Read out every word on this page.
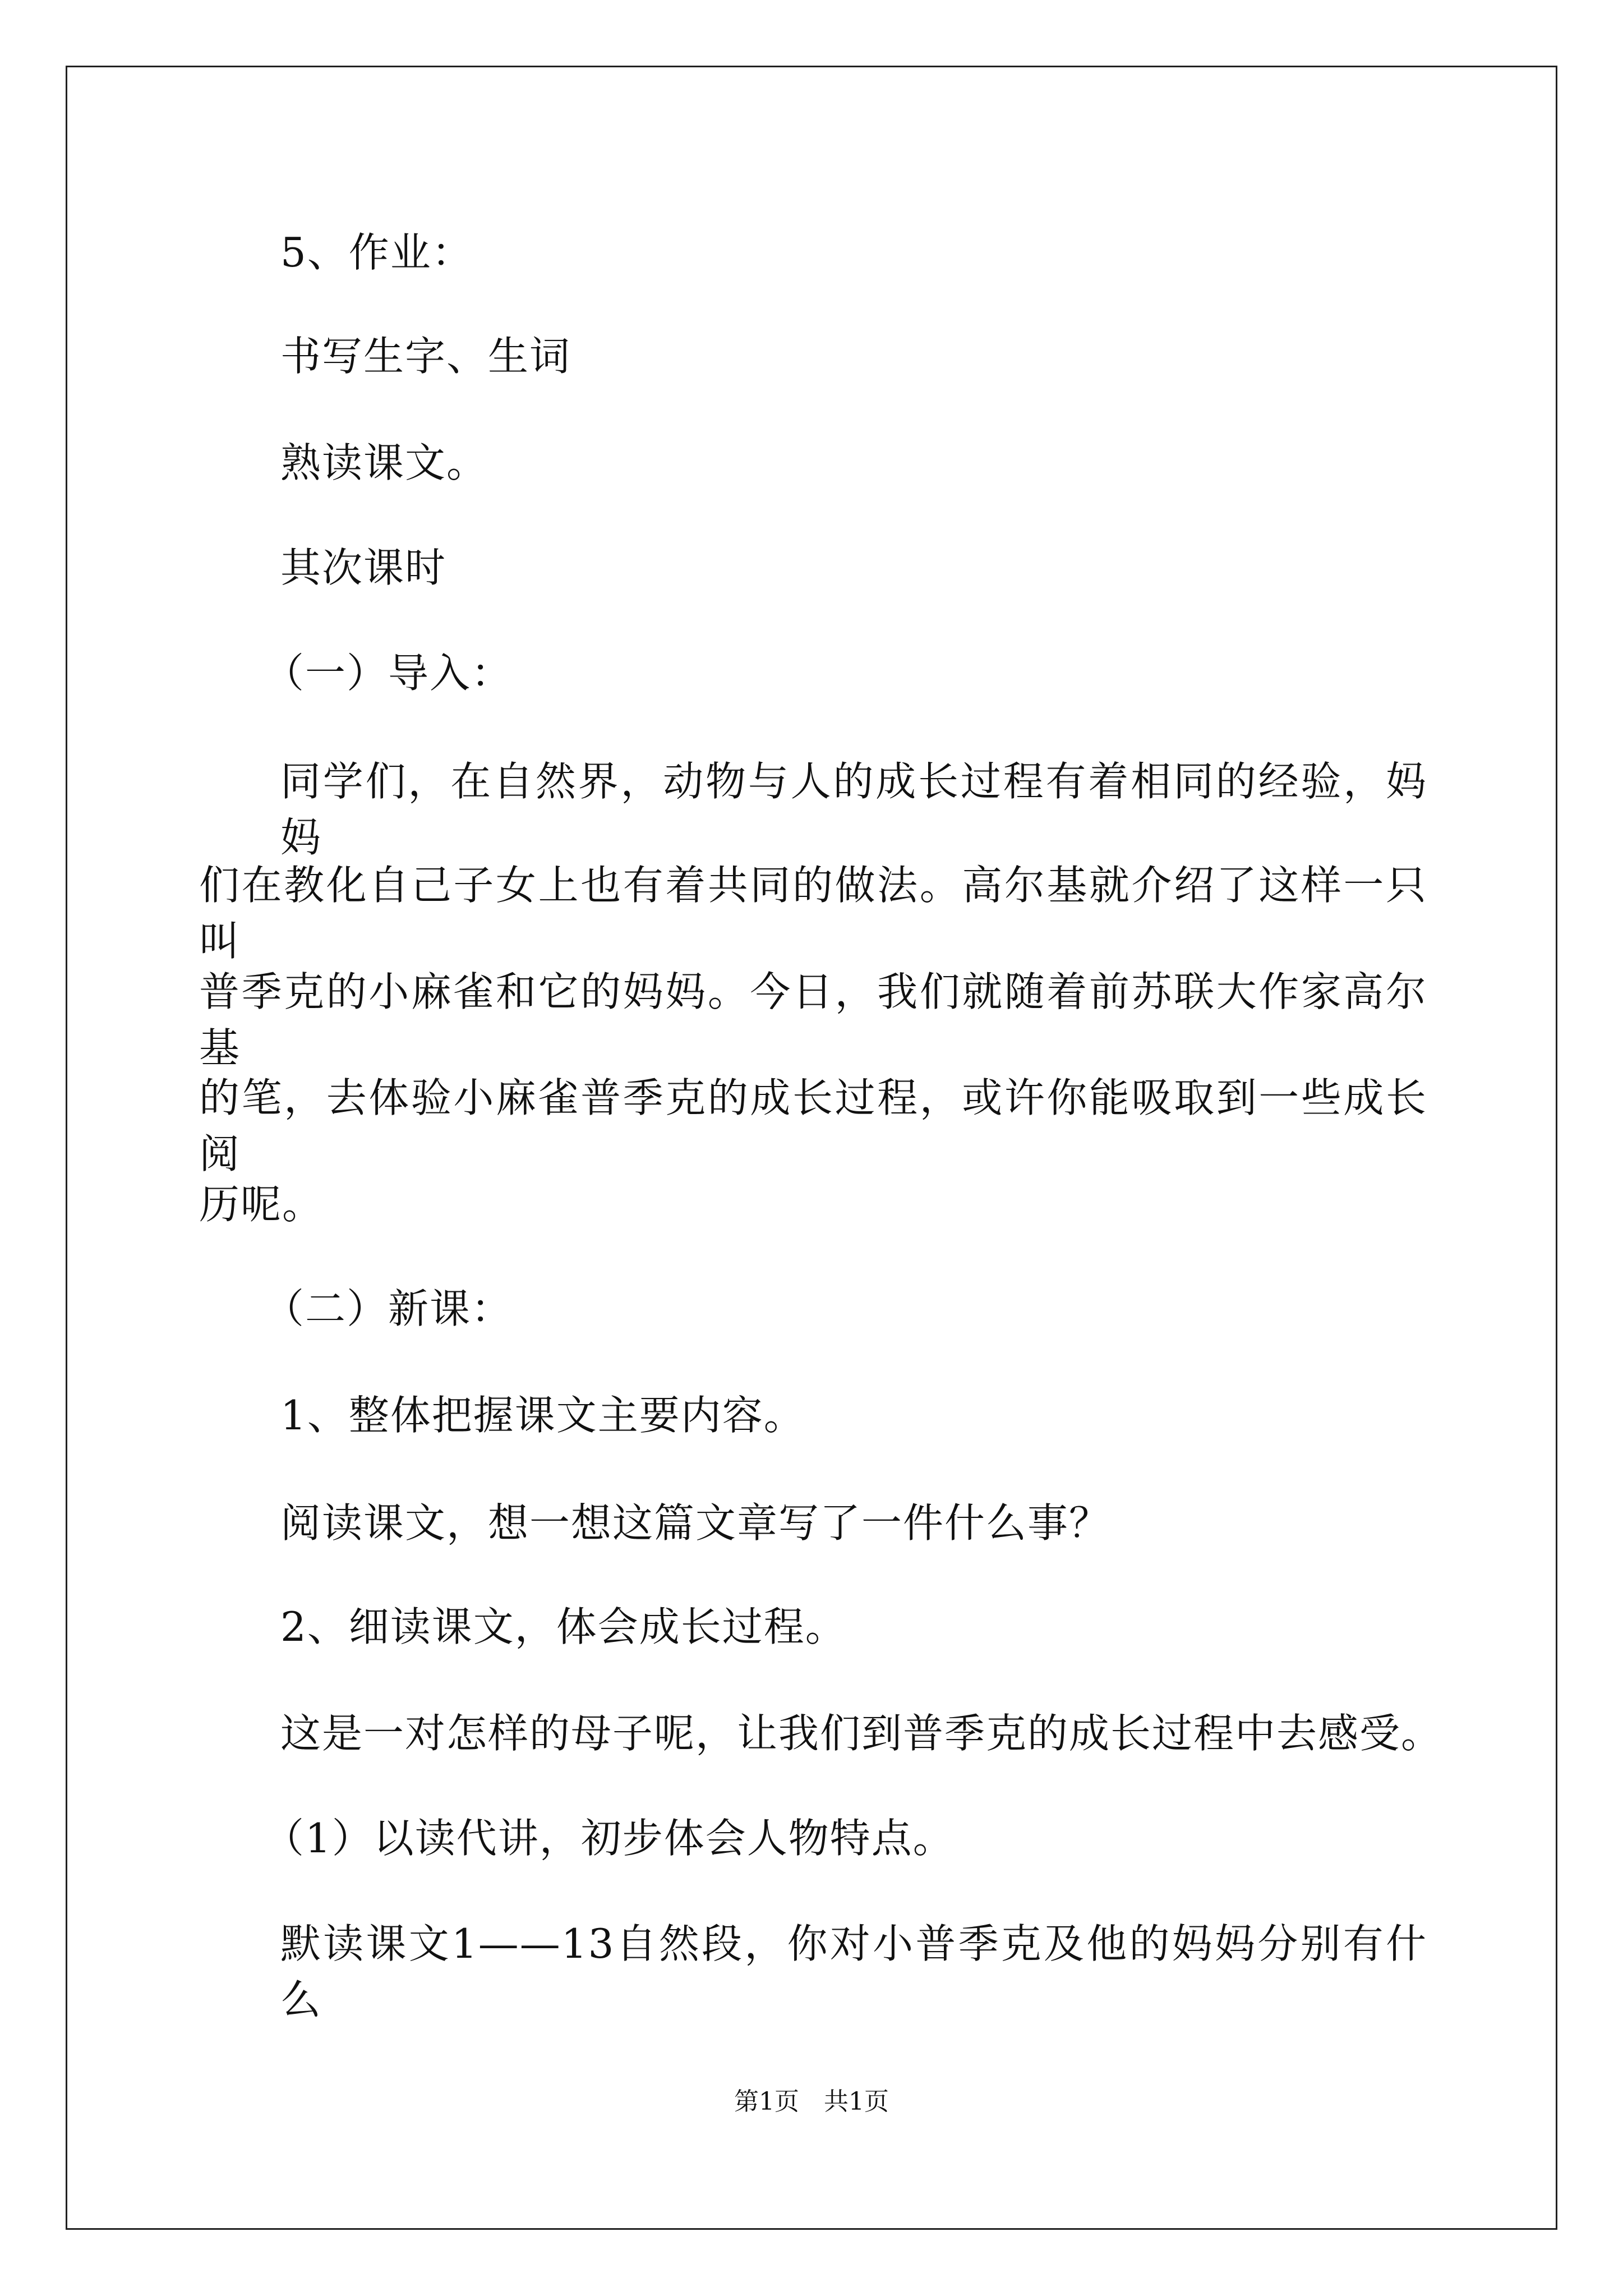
5、作业：
书写生字、生词
熟读课文。
其次课时
（一）导入：
同学们，在自然界，动物与人的成长过程有着相同的经验，妈妈
们在教化自己子女上也有着共同的做法。高尔基就介绍了这样一只叫
普季克的小麻雀和它的妈妈。今日，我们就随着前苏联大作家高尔基
的笔，去体验小麻雀普季克的成长过程，或许你能吸取到一些成长阅
历呢。
（二）新课：
1、整体把握课文主要内容。
阅读课文，想一想这篇文章写了一件什么事？
2、细读课文，体会成长过程。
这是一对怎样的母子呢，让我们到普季克的成长过程中去感受。
（1）以读代讲，初步体会人物特点。
默读课文1——13自然段，你对小普季克及他的妈妈分别有什么
第1页　共1页
